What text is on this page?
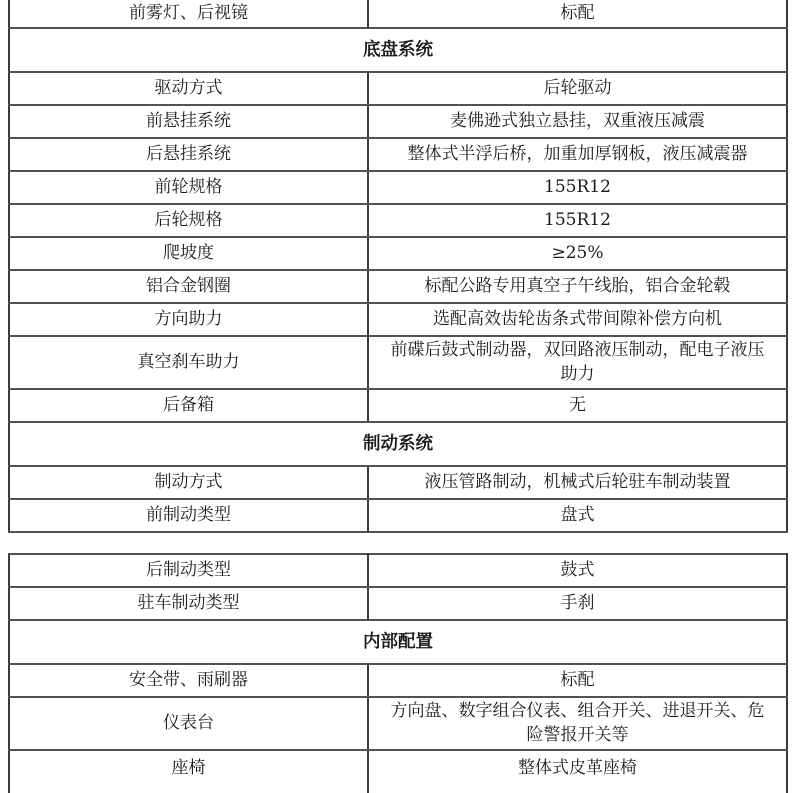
前雾灯、后视镜	标配
底盘系统	
驱动方式	后轮驱动
前悬挂系统	麦佛逊式独立悬挂，双重液压减震
后悬挂系统	整体式半浮后桥，加重加厚钢板，液压减震器
前轮规格	155R12
后轮规格	155R12
爬坡度	≥25%
铝合金钢圈	标配公路专用真空子午线胎，铝合金轮毂
方向助力	选配高效齿轮齿条式带间隙补偿方向机
真空刹车助力	前碟后鼓式制动器，双回路液压制动，配电子液压助力
后备箱	无
制动系统	
制动方式	液压管路制动，机械式后轮驻车制动装置
前制动类型	盘式
后制动类型	鼓式
驻车制动类型	手刹
内部配置	
安全带、雨刷器	标配
仪表台	方向盘、数字组合仪表、组合开关、进退开关、危险警报开关等
座椅	整体式皮革座椅
